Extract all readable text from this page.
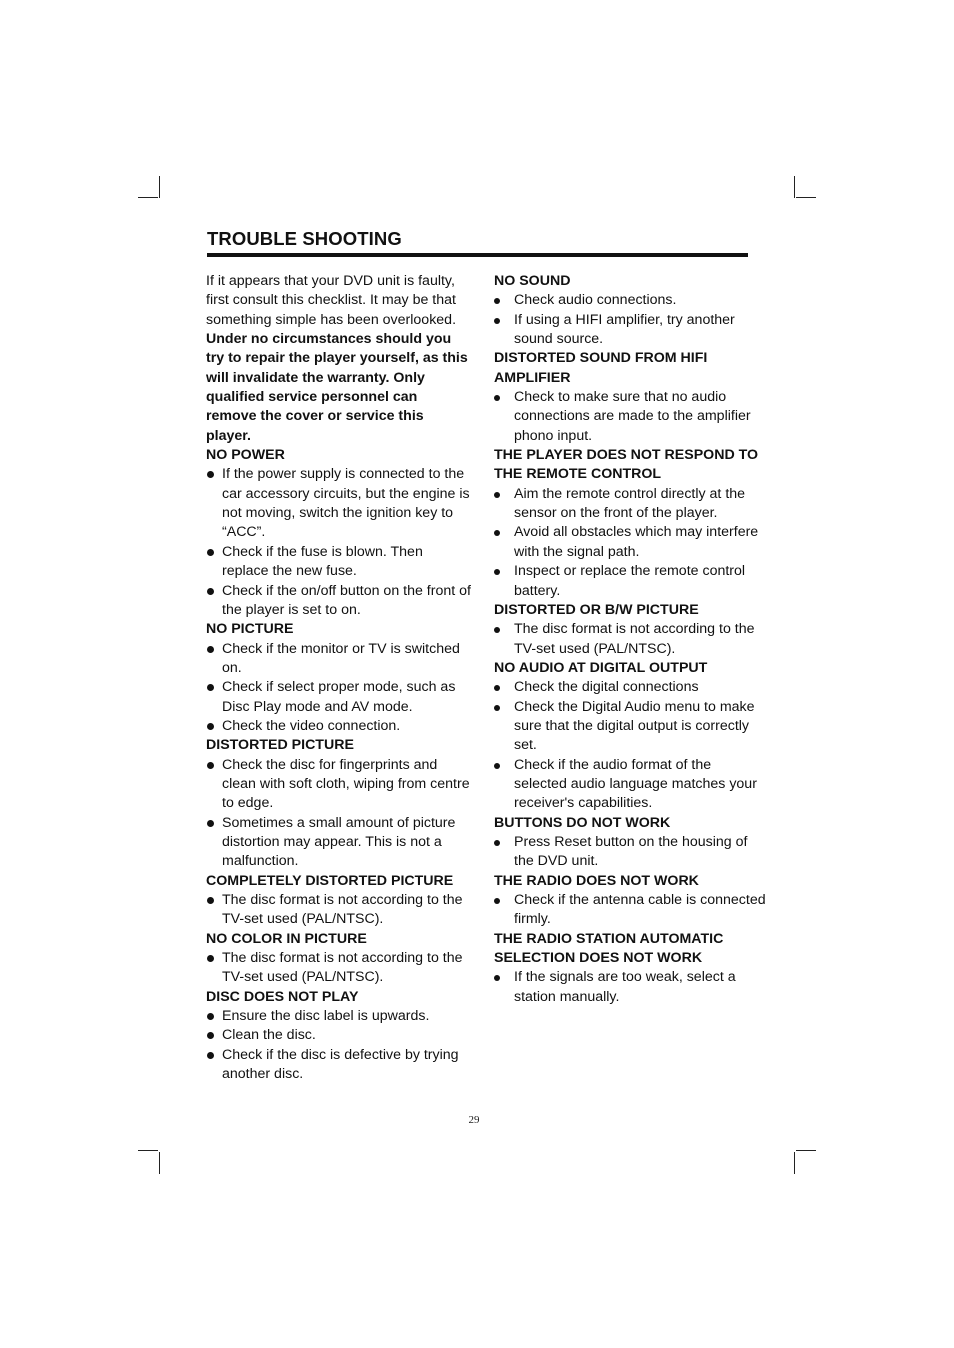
TROUBLE SHOOTING

If it appears that your DVD unit is faulty, first consult this checklist. It may be that something simple has been overlooked.

Under no circumstances should you try to repair the player yourself, as this will invalidate the warranty. Only qualified service personnel can remove the cover or service this player.

NO POWER

If the power supply is connected to the car accessory circuits, but the engine is not moving, switch the ignition key to “ACC”.
Check if the fuse is blown. Then replace the new fuse.
Check if the on/off button on the front of the player is set to on.

NO PICTURE

Check if the monitor or TV is switched on.
Check if select proper mode, such as Disc Play mode and AV mode.
Check the video connection.

DISTORTED PICTURE

Check the disc for fingerprints and clean with soft cloth, wiping from centre to edge.
Sometimes a small amount of picture distortion may appear. This is not a malfunction.

COMPLETELY DISTORTED PICTURE

The disc format is not according to the TV-set used (PAL/NTSC).

NO COLOR IN PICTURE

The disc format is not according to the TV-set used (PAL/NTSC).

DISC DOES NOT PLAY

Ensure the disc label is upwards.
Clean the disc.
Check if the disc is defective by trying another disc.

NO SOUND

Check audio connections.
If using a HIFI amplifier, try another sound source.

DISTORTED SOUND FROM HIFI AMPLIFIER

Check to make sure that no audio connections are made to the amplifier phono input.

THE PLAYER DOES NOT RESPOND TO THE REMOTE CONTROL

Aim the remote control directly at the sensor on the front of the player.
Avoid all obstacles which may interfere with the signal path.
Inspect or replace the remote control battery.

DISTORTED OR B/W PICTURE

The disc format is not according to the TV-set used (PAL/NTSC).

NO AUDIO AT DIGITAL OUTPUT

Check the digital connections
Check the Digital Audio menu to make sure that the digital output is correctly set.
Check if the audio format of the selected audio language matches your receiver's capabilities.

BUTTONS DO NOT WORK

Press Reset button on the housing of the DVD unit.

THE RADIO DOES NOT WORK

Check if the antenna cable is connected firmly.

THE RADIO STATION AUTOMATIC SELECTION DOES NOT WORK

If the signals are too weak, select a station manually.
29
